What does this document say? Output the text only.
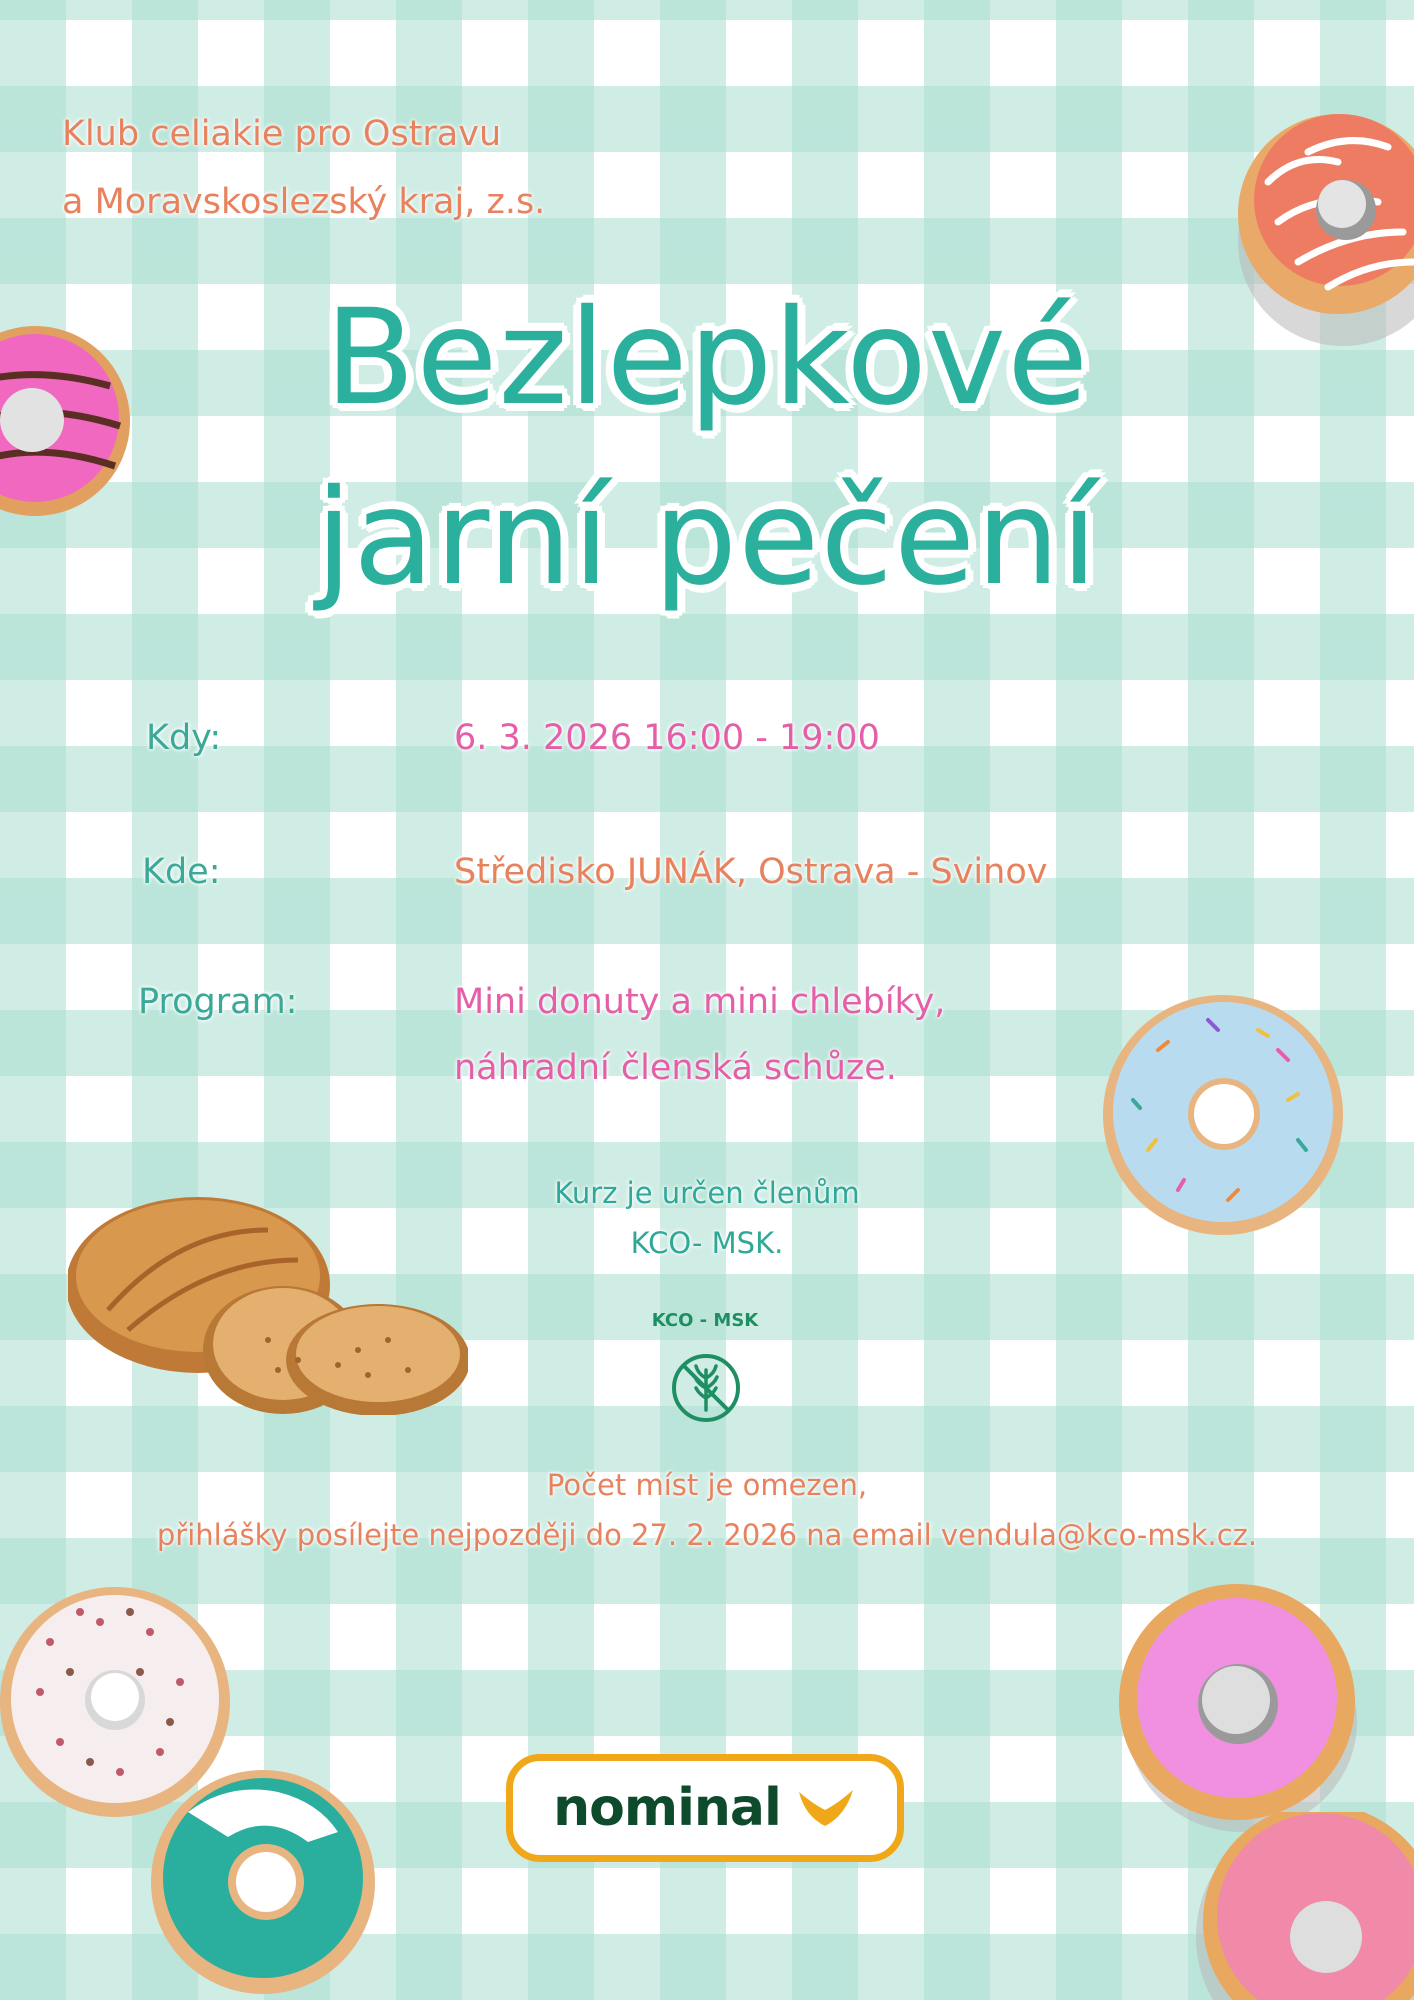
Klub celiakie pro Ostravu
a Moravskoslezský kraj, z.s.
Bezlepkové
jarní pečení
Kdy:	6. 3. 2026 16:00 - 19:00
Kde:	Středisko JUNÁK, Ostrava - Svinov
Program:	Mini donuty a mini chlebíky,
náhradní členská schůze.
Kurz je určen členům
KCO- MSK.
KCO - MSK
Počet míst je omezen,
přihlášky posílejte nejpozději do 27. 2. 2026 na email vendula@kco-msk.cz.
nominal
